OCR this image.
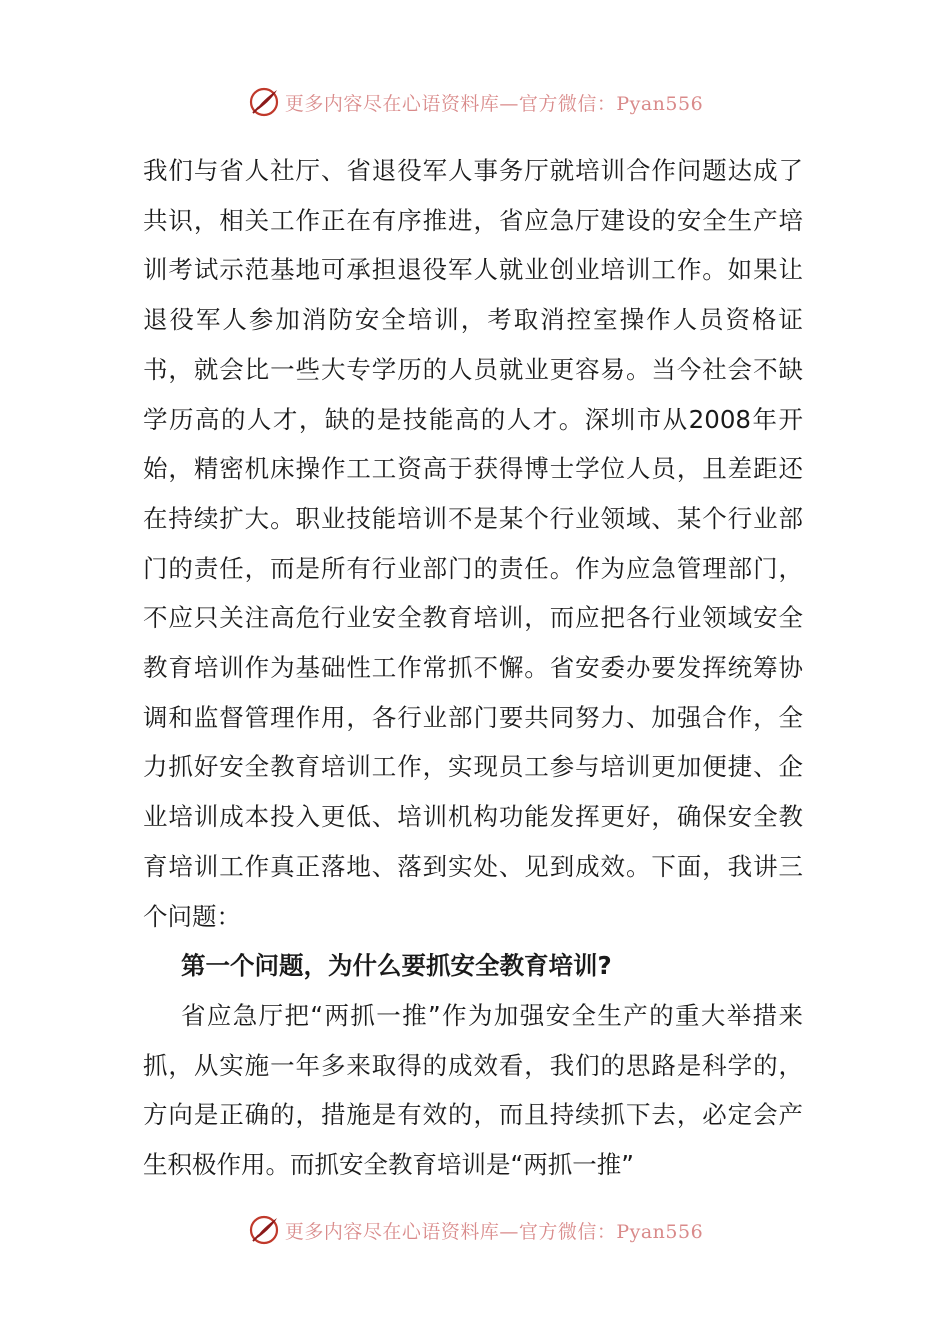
更多内容尽在心语资料库—官方微信：Pyan556

我们与省人社厅、省退役军人事务厅就培训合作问题达成了共识，相关工作正在有序推进，省应急厅建设的安全生产培训考试示范基地可承担退役军人就业创业培训工作。如果让退役军人参加消防安全培训，考取消控室操作人员资格证书，就会比一些大专学历的人员就业更容易。当今社会不缺学历高的人才，缺的是技能高的人才。深圳市从2008年开始，精密机床操作工工资高于获得博士学位人员，且差距还在持续扩大。职业技能培训不是某个行业领域、某个行业部门的责任，而是所有行业部门的责任。作为应急管理部门，不应只关注高危行业安全教育培训，而应把各行业领域安全教育培训作为基础性工作常抓不懈。省安委办要发挥统筹协调和监督管理作用，各行业部门要共同努力、加强合作，全力抓好安全教育培训工作，实现员工参与培训更加便捷、企业培训成本投入更低、培训机构功能发挥更好，确保安全教育培训工作真正落地、落到实处、见到成效。下面，我讲三个问题：

第一个问题，为什么要抓安全教育培训?

省应急厅把“两抓一推”作为加强安全生产的重大举措来抓，从实施一年多来取得的成效看，我们的思路是科学的，方向是正确的，措施是有效的，而且持续抓下去，必定会产生积极作用。而抓安全教育培训是“两抓一推”

更多内容尽在心语资料库—官方微信：Pyan556
